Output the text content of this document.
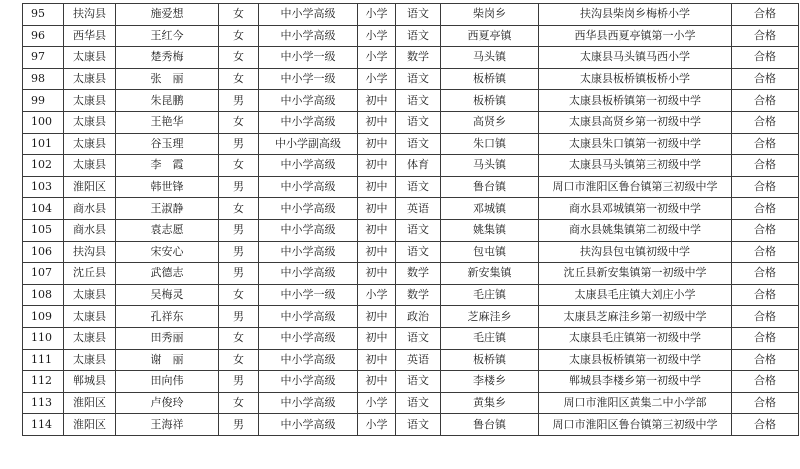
95	扶沟县	施爱想	女	中小学高级	小学	语文	柴岗乡	扶沟县柴岗乡梅桥小学	合格
96	西华县	王红今	女	中小学高级	小学	语文	西夏亭镇	西华县西夏亭镇第一小学	合格
97	太康县	楚秀梅	女	中小学一级	小学	数学	马头镇	太康县马头镇马西小学	合格
98	太康县	张　丽	女	中小学一级	小学	语文	板桥镇	太康县板桥镇板桥小学	合格
99	太康县	朱昆鹏	男	中小学高级	初中	语文	板桥镇	太康县板桥镇第一初级中学	合格
100	太康县	王艳华	女	中小学高级	初中	语文	高贤乡	太康县高贤乡第一初级中学	合格
101	太康县	谷玉理	男	中小学副高级	初中	语文	朱口镇	太康县朱口镇第一初级中学	合格
102	太康县	李　霞	女	中小学高级	初中	体育	马头镇	太康县马头镇第三初级中学	合格
103	淮阳区	韩世锋	男	中小学高级	初中	语文	鲁台镇	周口市淮阳区鲁台镇第三初级中学	合格
104	商水县	王淑静	女	中小学高级	初中	英语	邓城镇	商水县邓城镇第一初级中学	合格
105	商水县	袁志愿	男	中小学高级	初中	语文	姚集镇	商水县姚集镇第二初级中学	合格
106	扶沟县	宋安心	男	中小学高级	初中	语文	包屯镇	扶沟县包屯镇初级中学	合格
107	沈丘县	武德志	男	中小学高级	初中	数学	新安集镇	沈丘县新安集镇第一初级中学	合格
108	太康县	吴梅灵	女	中小学一级	小学	数学	毛庄镇	太康县毛庄镇大刘庄小学	合格
109	太康县	孔祥东	男	中小学高级	初中	政治	芝麻洼乡	太康县芝麻洼乡第一初级中学	合格
110	太康县	田秀丽	女	中小学高级	初中	语文	毛庄镇	太康县毛庄镇第一初级中学	合格
111	太康县	谢　丽	女	中小学高级	初中	英语	板桥镇	太康县板桥镇第一初级中学	合格
112	郸城县	田向伟	男	中小学高级	初中	语文	李楼乡	郸城县李楼乡第一初级中学	合格
113	淮阳区	卢俊玲	女	中小学高级	小学	语文	黄集乡	周口市淮阳区黄集二中小学部	合格
114	淮阳区	王海祥	男	中小学高级	小学	语文	鲁台镇	周口市淮阳区鲁台镇第三初级中学	合格
